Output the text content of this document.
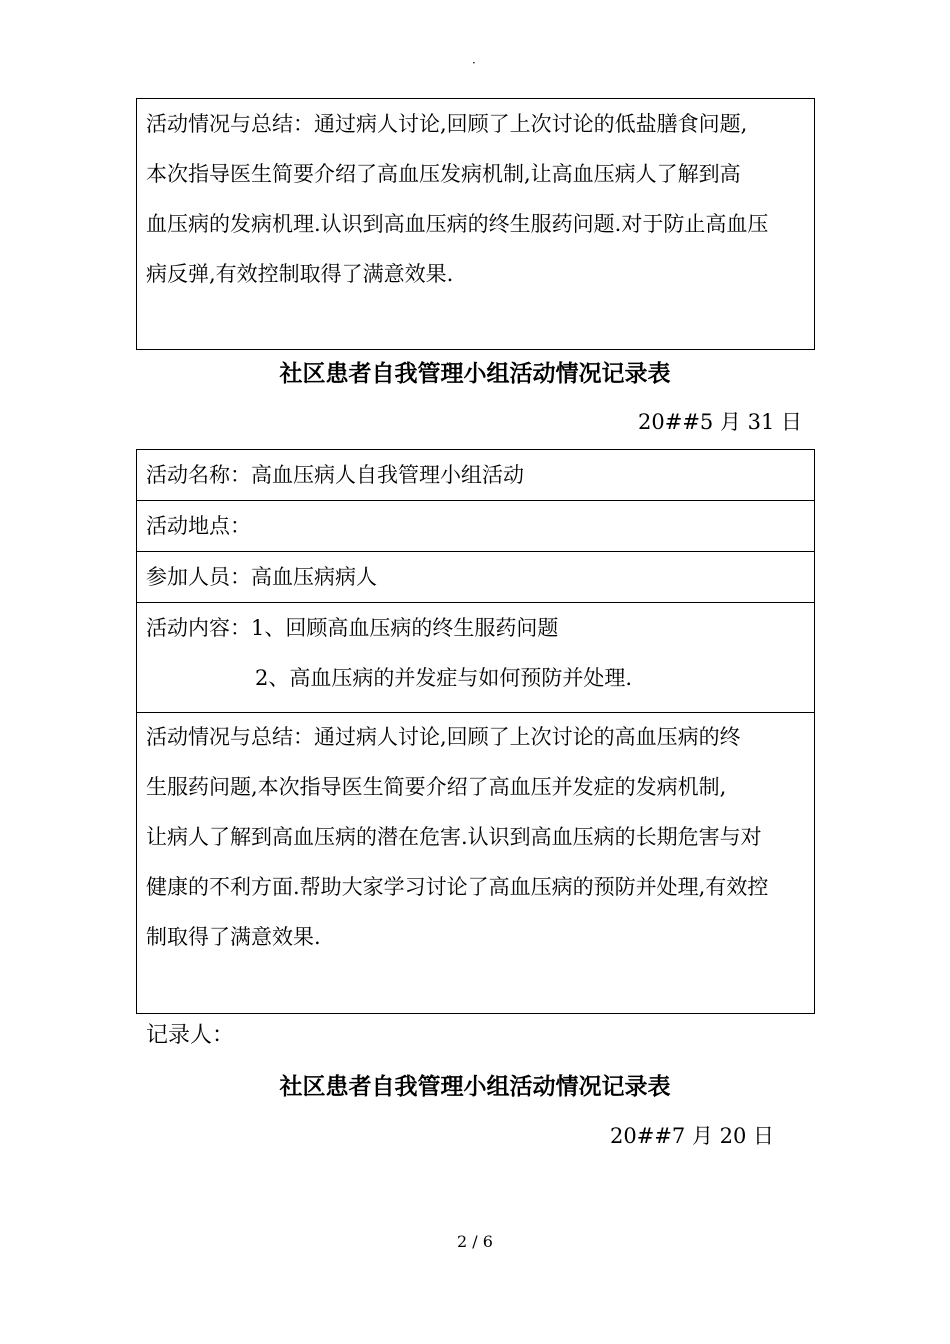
·
活动情况与总结：通过病人讨论,回顾了上次讨论的低盐膳食问题,
本次指导医生简要介绍了高血压发病机制,让高血压病人了解到高
血压病的发病机理.认识到高血压病的终生服药问题.对于防止高血压
病反弹,有效控制取得了满意效果.
社区患者自我管理小组活动情况记录表
20##5 月 31 日
活动名称：高血压病人自我管理小组活动
活动地点：
参加人员：高血压病病人
活动内容：1、回顾高血压病的终生服药问题
2、高血压病的并发症与如何预防并处理.
活动情况与总结：通过病人讨论,回顾了上次讨论的高血压病的终
生服药问题,本次指导医生简要介绍了高血压并发症的发病机制,
让病人了解到高血压病的潜在危害.认识到高血压病的长期危害与对
健康的不利方面.帮助大家学习讨论了高血压病的预防并处理,有效控
制取得了满意效果.
记录人：
社区患者自我管理小组活动情况记录表
20##7 月 20 日
2 / 6
